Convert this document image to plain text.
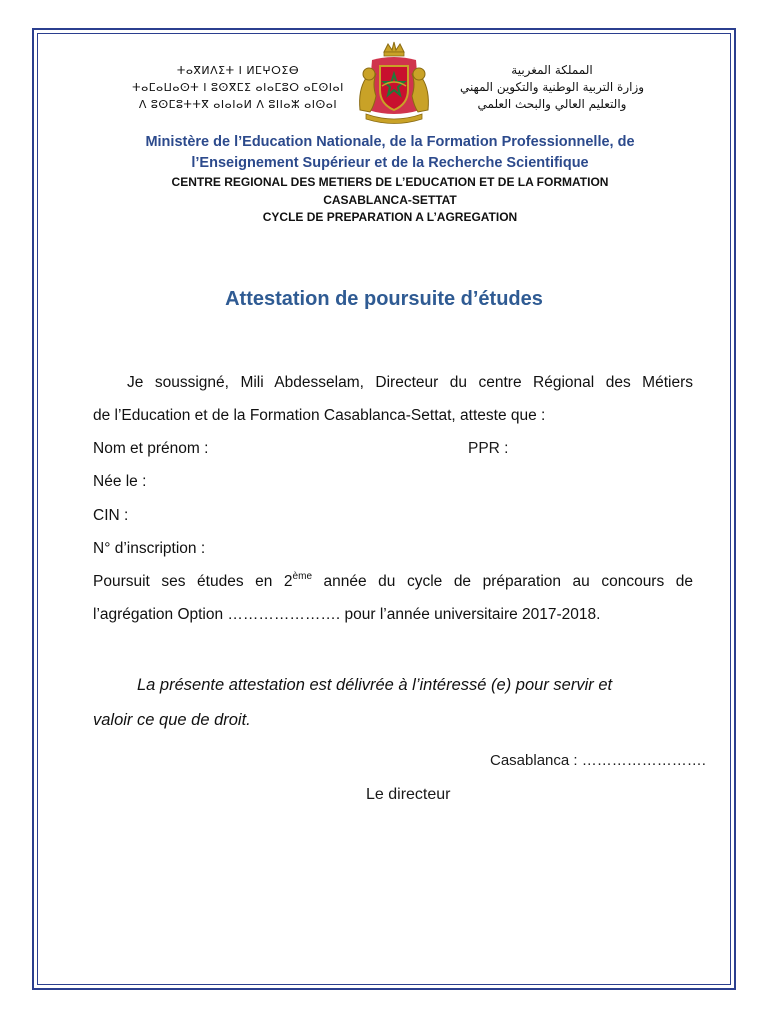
ⵜⴰⴳⵍⴷⵉⵜ ⵏ ⵍⵎⵖⵔⵉⴱ
ⵜⴰⵎⴰⵡⴰⵙⵜ ⵏ ⵓⵙⴳⵎⵉ ⴰⵏⴰⵎⵓⵔ ⴰⵎⵙⵏⴰⵏ
ⴷ ⵓⵙⵎⵓⵜⵜⴳ ⴰⵏⴰⵏⴰⵍ ⴷ ⵓⵏⵏⴰⵣ ⴰⵏⵙⴰⵏ
المملكة المغربية
وزارة التربية الوطنية والتكوين المهني
والتعليم العالي والبحث العلمي
Ministère de l’Education Nationale, de la Formation Professionnelle, de
l’Enseignement Supérieur et de la Recherche Scientifique
CENTRE REGIONAL DES METIERS DE L’EDUCATION ET DE LA FORMATION
CASABLANCA-SETTAT
CYCLE DE PREPARATION A L’AGREGATION
Attestation de poursuite d’études
Je soussigné, Mili Abdesselam, Directeur du centre Régional des Métiers
de l’Education et de la Formation Casablanca-Settat, atteste que :
Nom et prénom :	PPR :
Née le :
CIN :
N° d’inscription :
Poursuit ses études en 2ème année du cycle de préparation au concours de
l’agrégation Option …………………. pour l’année universitaire 2017-2018.
La présente attestation est délivrée à l’intéressé (e) pour servir et
valoir ce que de droit.
Casablanca : …………………….
Le directeur
